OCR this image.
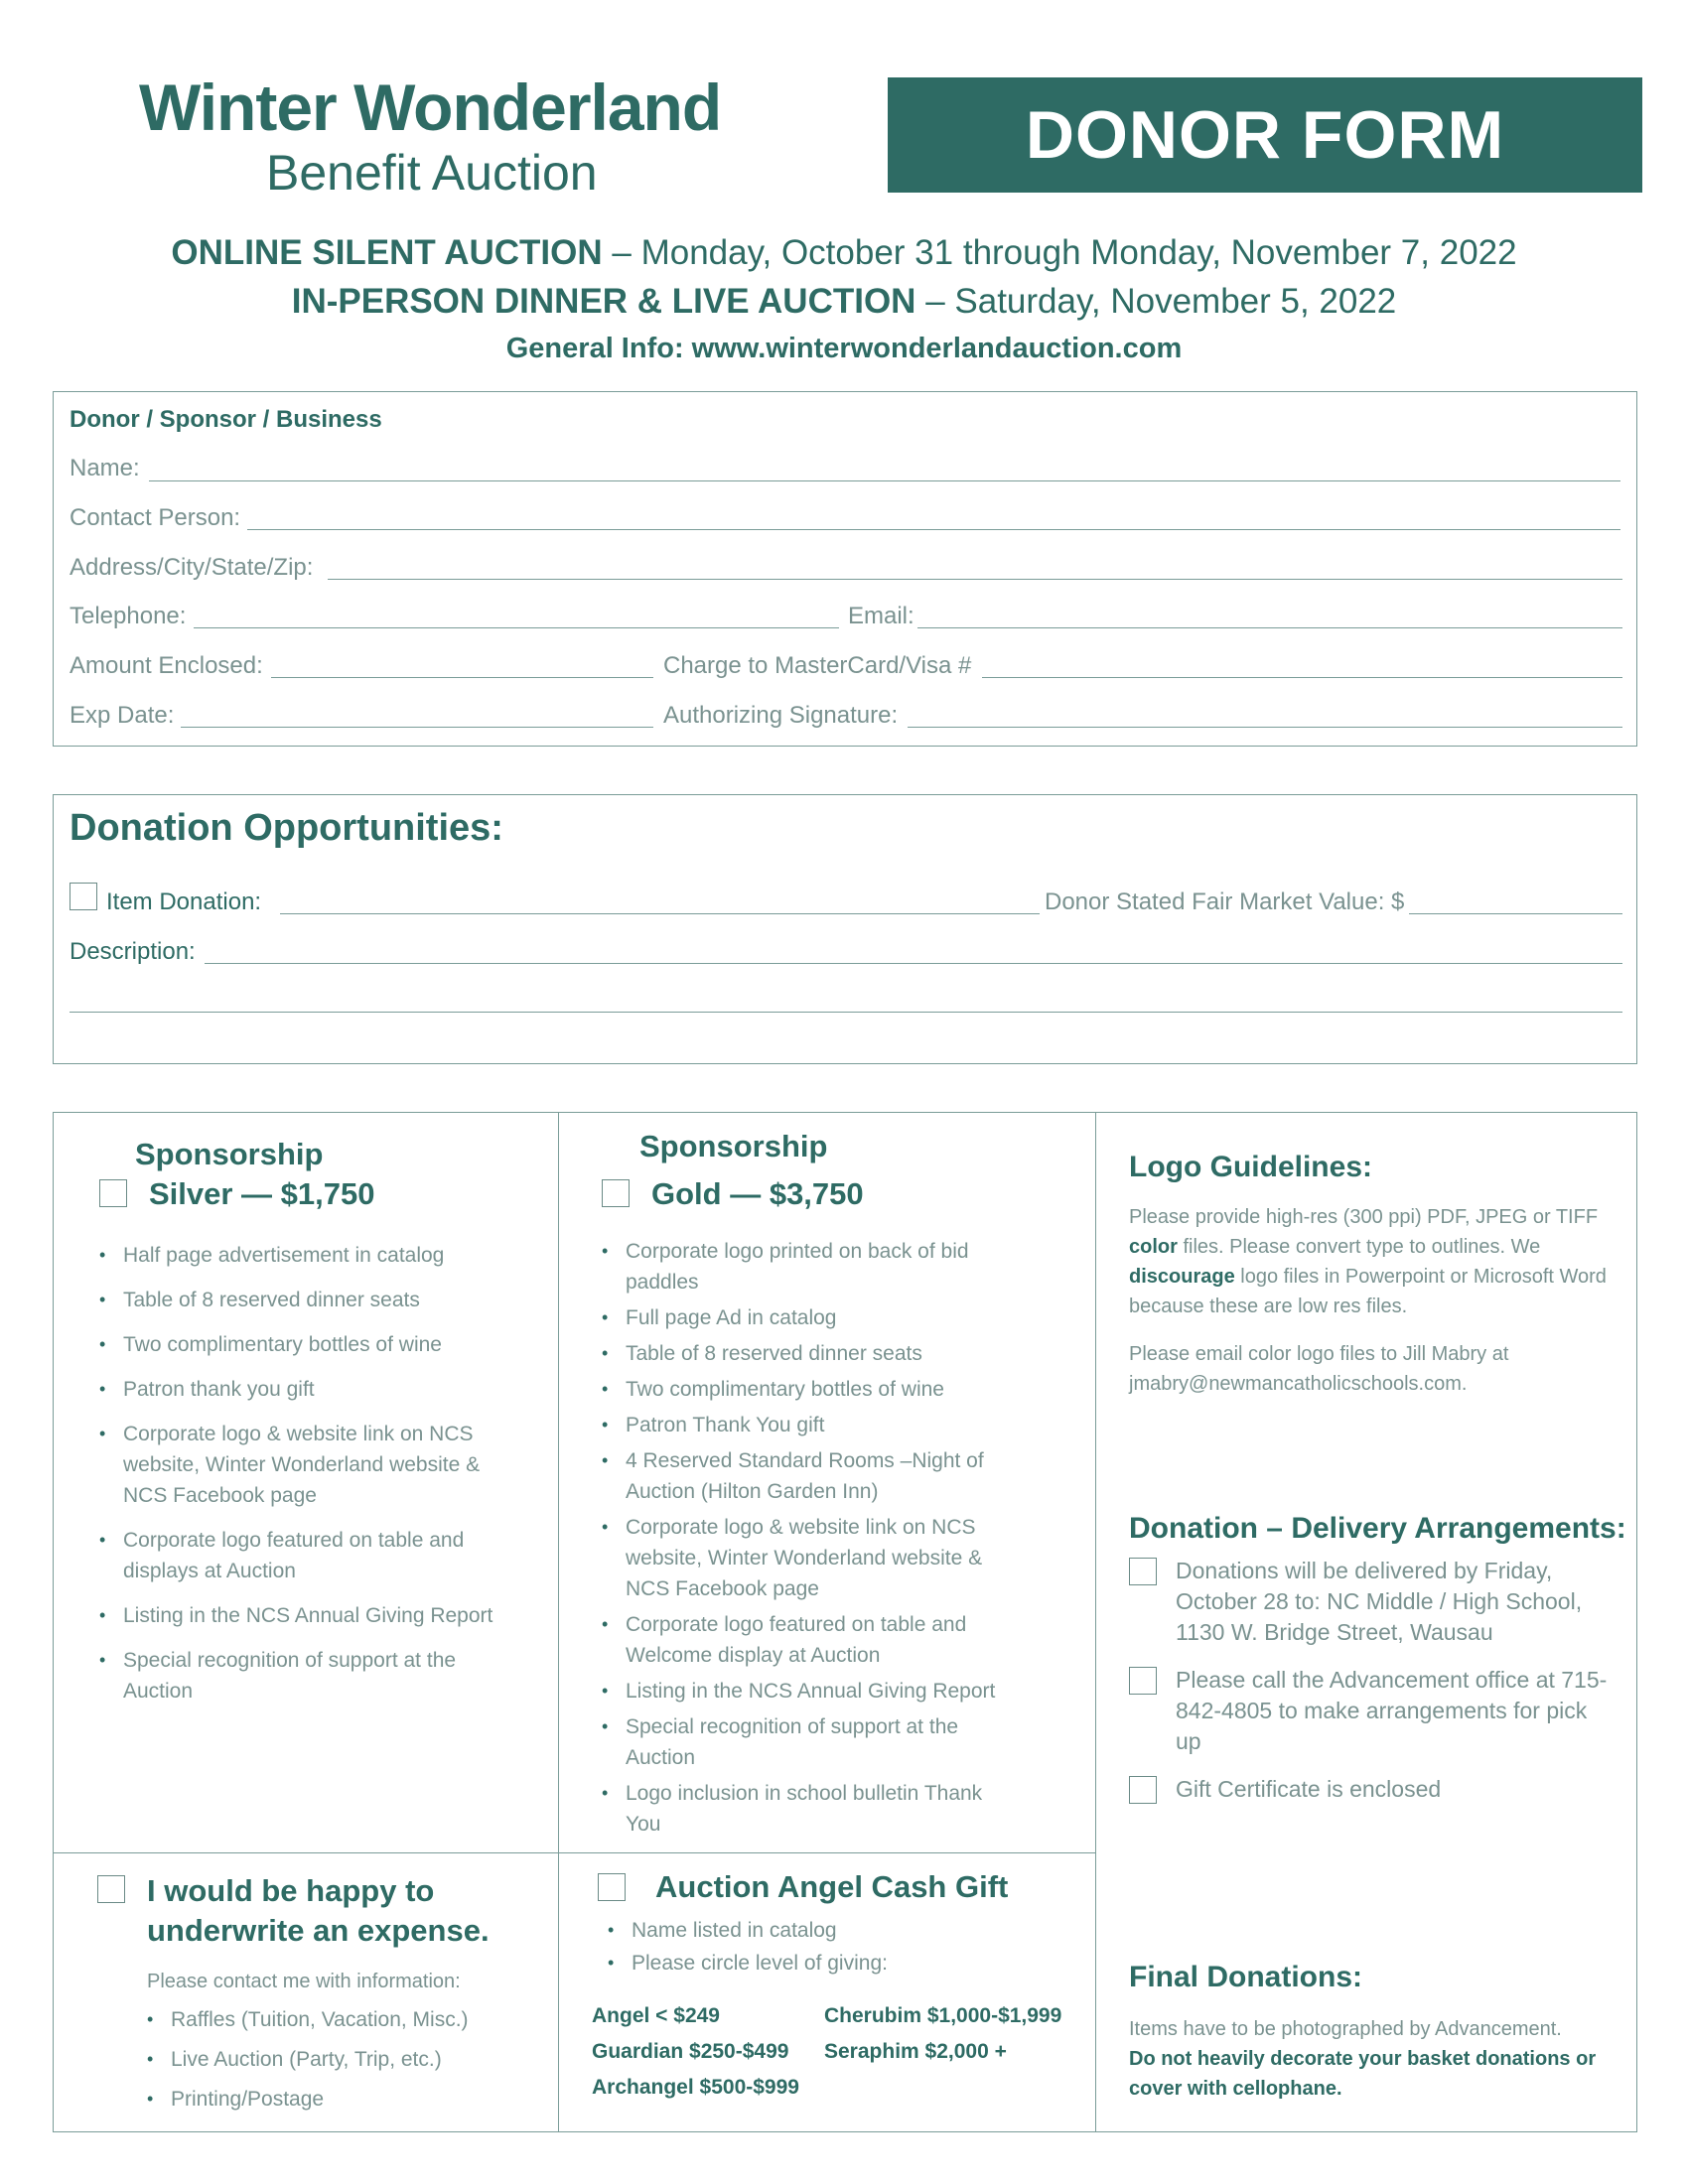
Winter Wonderland
Benefit Auction	DONOR FORM
ONLINE SILENT AUCTION – Monday, October 31 through Monday, November 7, 2022
IN-PERSON DINNER & LIVE AUCTION – Saturday, November 5, 2022
General Info: www.winterwonderlandauction.com
Donor / Sponsor / Business
Name:
Contact Person:
Address/City/State/Zip:
Telephone:	Email:
Amount Enclosed:	Charge to MasterCard/Visa #
Exp Date:	Authorizing Signature:
Donation Opportunities:
Item Donation:	Donor Stated Fair Market Value: $
Description:
Sponsorship
Silver — $1,750
• Half page advertisement in catalog
• Table of 8 reserved dinner seats
• Two complimentary bottles of wine
• Patron thank you gift
• Corporate logo & website link on NCS website, Winter Wonderland website & NCS Facebook page
• Corporate logo featured on table and displays at Auction
• Listing in the NCS Annual Giving Report
• Special recognition of support at the Auction
Sponsorship
Gold — $3,750
• Corporate logo printed on back of bid paddles
• Full page Ad in catalog
• Table of 8 reserved dinner seats
• Two complimentary bottles of wine
• Patron Thank You gift
• 4 Reserved Standard Rooms –Night of Auction (Hilton Garden Inn)
• Corporate logo & website link on NCS website, Winter Wonderland website & NCS Facebook page
• Corporate logo featured on table and Welcome display at Auction
• Listing in the NCS Annual Giving Report
• Special recognition of support at the Auction
• Logo inclusion in school bulletin Thank You
Logo Guidelines:
Please provide high-res (300 ppi) PDF, JPEG or TIFF color files. Please convert type to outlines. We discourage logo files in Powerpoint or Microsoft Word because these are low res files.
Please email color logo files to Jill Mabry at jmabry@newmancatholicschools.com.
Donation – Delivery Arrangements:
Donations will be delivered by Friday, October 28 to: NC Middle / High School, 1130 W. Bridge Street, Wausau
Please call the Advancement office at 715-842-4805 to make arrangements for pick up
Gift Certificate is enclosed
Final Donations:
Items have to be photographed by Advancement.
Do not heavily decorate your basket donations or cover with cellophane.
I would be happy to underwrite an expense.
Please contact me with information:
• Raffles (Tuition, Vacation, Misc.)
• Live Auction (Party, Trip, etc.)
• Printing/Postage
Auction Angel Cash Gift
• Name listed in catalog
• Please circle level of giving:
Angel < $249	Cherubim $1,000-$1,999
Guardian $250-$499 Seraphim $2,000 +
Archangel $500-$999
